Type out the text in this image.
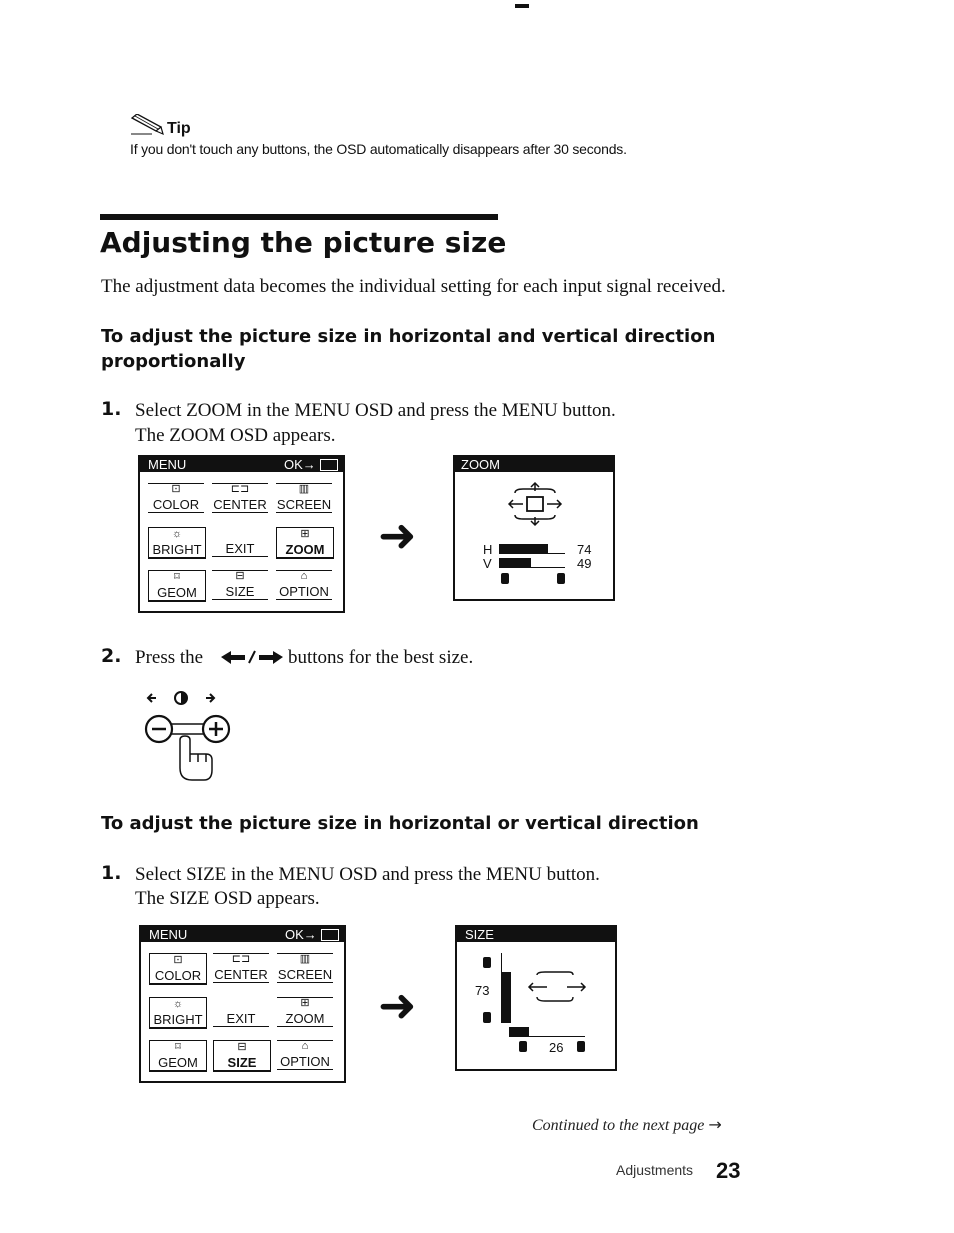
Tip
If you don't touch any buttons, the OSD automatically disappears after 30 seconds.
Adjusting the picture size
The adjustment data becomes the individual setting for each input signal received.
To adjust the picture size in horizontal and vertical direction proportionally
1. Select ZOOM in the MENU OSD and press the MENU button.
The ZOOM OSD appears.
MENU	OK→
⊡
COLOR
⊏⊐
CENTER
▥
SCREEN
☼
BRIGHT	EXIT
⊞
ZOOM
⌑
GEOM
⊟
SIZE
⌂
OPTION
➜
ZOOM
H
V
74
49
2. Press the	buttons for the best size.
To adjust the picture size in horizontal or vertical direction
1. Select SIZE in the MENU OSD and press the MENU button.
The SIZE OSD appears.
MENU	OK→
⊡
COLOR
⊏⊐
CENTER
▥
SCREEN
☼
BRIGHT	EXIT
⊞
ZOOM
⌑
GEOM
⊟
SIZE
⌂
OPTION
➜
SIZE
73
26
Continued to the next page →
Adjustments 23
